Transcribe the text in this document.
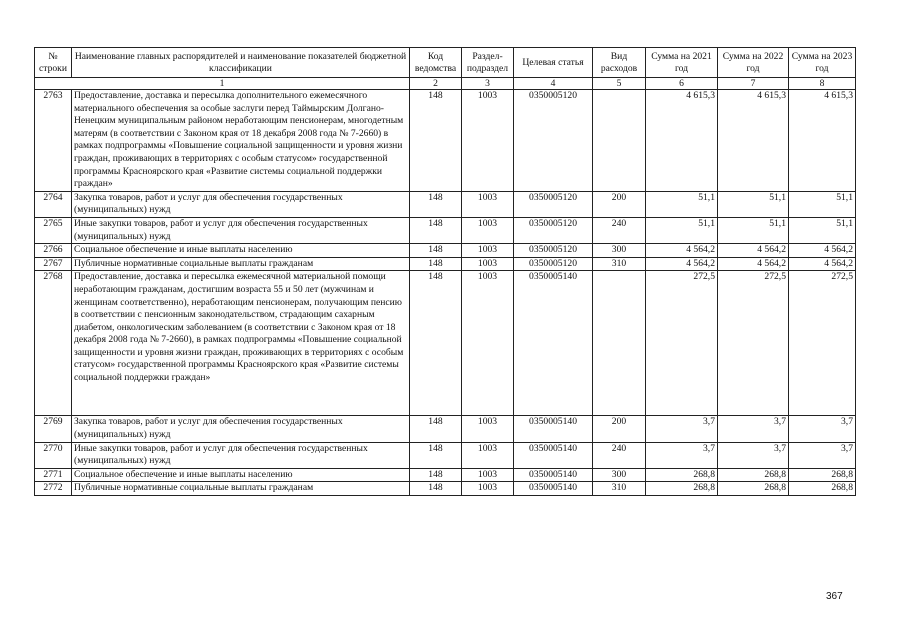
№ строки	Наименование главных распорядителей и наименование показателей бюджетной классификации	Код ведомства	Раздел-подраздел	Целевая статья	Вид расходов	Сумма на 2021 год	Сумма на 2022 год	Сумма на 2023 год
1		2	3	4	5	6	7	8
2763	Предоставление, доставка и пересылка дополнительного ежемесячного материального обеспечения за особые заслуги перед Таймырским Долгано-Ненецким муниципальным районом неработающим пенсионерам, многодетным матерям (в соответствии с Законом края от 18 декабря 2008 года № 7-2660) в рамках подпрограммы «Повышение социальной защищенности и уровня жизни граждан, проживающих в территориях с особым статусом» государственной программы Красноярского края «Развитие системы социальной поддержки граждан»	148	1003	0350005120		4 615,3	4 615,3	4 615,3
2764	Закупка товаров, работ и услуг для обеспечения государственных (муниципальных) нужд	148	1003	0350005120	200	51,1	51,1	51,1
2765	Иные закупки товаров, работ и услуг для обеспечения государственных (муниципальных) нужд	148	1003	0350005120	240	51,1	51,1	51,1
2766	Социальное обеспечение и иные выплаты населению	148	1003	0350005120	300	4 564,2	4 564,2	4 564,2
2767	Публичные нормативные социальные выплаты гражданам	148	1003	0350005120	310	4 564,2	4 564,2	4 564,2
2768	Предоставление, доставка и пересылка ежемесячной материальной помощи неработающим гражданам, достигшим возраста 55 и 50 лет (мужчинам и женщинам соответственно), неработающим пенсионерам, получающим пенсию в соответствии с пенсионным законодательством, страдающим сахарным диабетом, онкологическим заболеванием (в соответствии с Законом края от 18 декабря 2008 года № 7-2660), в рамках подпрограммы «Повышение социальной защищенности и уровня жизни граждан, проживающих в территориях с особым статусом» государственной программы Красноярского края «Развитие системы социальной поддержки граждан»	148	1003	0350005140		272,5	272,5	272,5
2769	Закупка товаров, работ и услуг для обеспечения государственных (муниципальных) нужд	148	1003	0350005140	200	3,7	3,7	3,7
2770	Иные закупки товаров, работ и услуг для обеспечения государственных (муниципальных) нужд	148	1003	0350005140	240	3,7	3,7	3,7
2771	Социальное обеспечение и иные выплаты населению	148	1003	0350005140	300	268,8	268,8	268,8
2772	Публичные нормативные социальные выплаты гражданам	148	1003	0350005140	310	268,8	268,8	268,8
367
